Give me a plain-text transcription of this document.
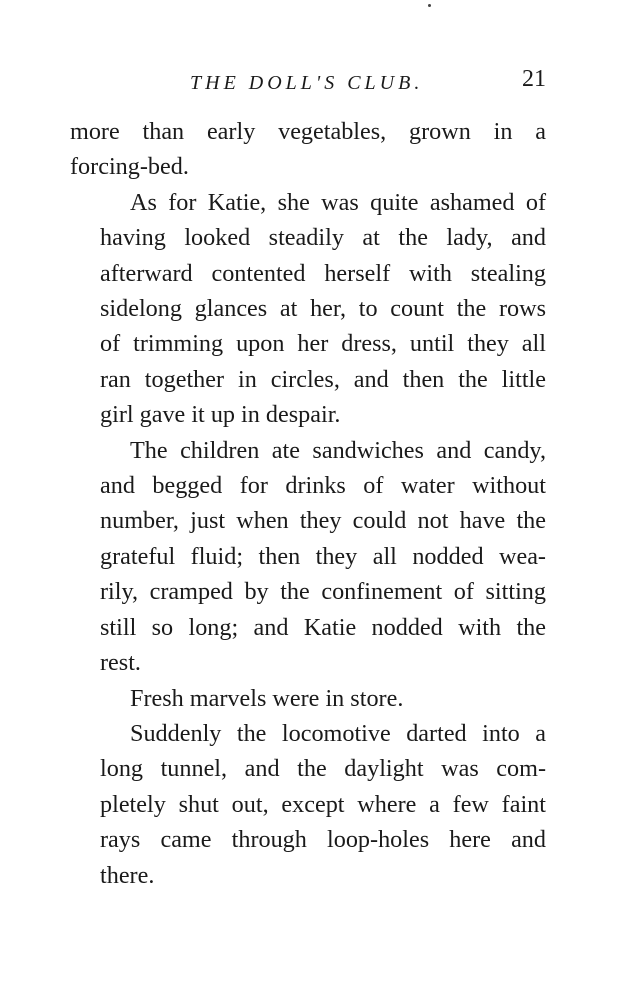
THE DOLL'S CLUB.	21
more than early vegetables, grown in a
forcing-bed.
As for Katie, she was quite ashamed of
having looked steadily at the lady, and
afterward contented herself with stealing
sidelong glances at her, to count the rows
of trimming upon her dress, until they all
ran together in circles, and then the little
girl gave it up in despair.
The children ate sandwiches and candy,
and begged for drinks of water without
number, just when they could not have the
grateful fluid; then they all nodded wea-
rily, cramped by the confinement of sitting
still so long; and Katie nodded with the
rest.
Fresh marvels were in store.
Suddenly the locomotive darted into a
long tunnel, and the daylight was com-
pletely shut out, except where a few faint
rays came through loop-holes here and
there.
